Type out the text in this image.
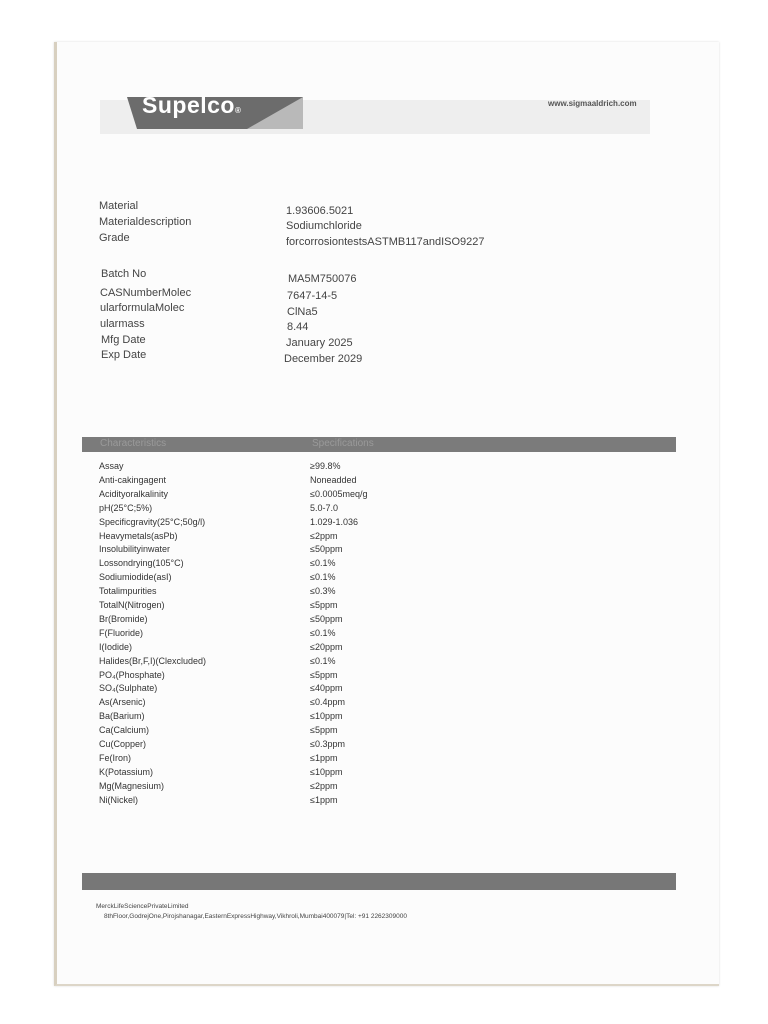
Supelco®
www.sigmaaldrich.com
Material	1.93606.5021
Materialdescription	Sodiumchloride
Grade	forcorrosiontestsASTMB117andISO9227
Batch No	MA5M750076
CASNumberMolec	7647-14-5
ularformulaMolec	ClNa5
ularmass	8.44
Mfg Date	January 2025
Exp Date	December 2029
Characteristics	Specifications
Assay	≥99.8%
Anti-cakingagent	Noneadded
Acidityoralkalinity	≤0.0005meq/g
pH(25°C;5%)	5.0-7.0
Specificgravity(25°C;50g/l)	1.029-1.036
Heavymetals(asPb)	≤2ppm
Insolubilityinwater	≤50ppm
Lossondrying(105°C)	≤0.1%
Sodiumiodide(asI)	≤0.1%
Totalimpurities	≤0.3%
TotalN(Nitrogen)	≤5ppm
Br(Bromide)	≤50ppm
F(Fluoride)	≤0.1%
I(Iodide)	≤20ppm
Halides(Br,F,I)(Clexcluded)	≤0.1%
PO₄(Phosphate)	≤5ppm
SO₄(Sulphate)	≤40ppm
As(Arsenic)	≤0.4ppm
Ba(Barium)	≤10ppm
Ca(Calcium)	≤5ppm
Cu(Copper)	≤0.3ppm
Fe(Iron)	≤1ppm
K(Potassium)	≤10ppm
Mg(Magnesium)	≤2ppm
Ni(Nickel)	≤1ppm
MerckLifeSciencePrivateLimited
8thFloor,GodrejOne,Pirojshanagar,EasternExpressHighway,Vikhroli,Mumbai400079|Tel: +91 2262309000
